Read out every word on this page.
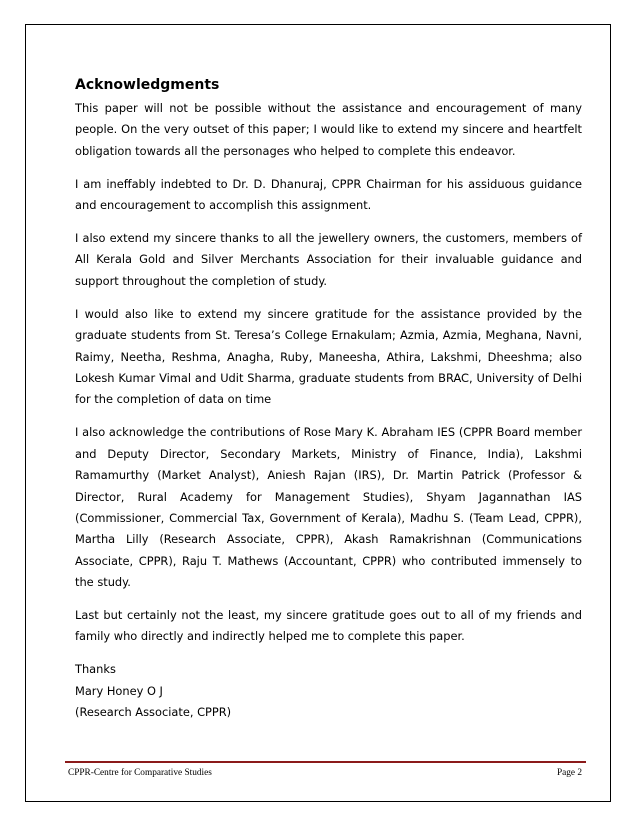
Acknowledgments

This paper will not be possible without the assistance and encouragement of many people. On the very outset of this paper; I would like to extend my sincere and heartfelt obligation towards all the personages who helped to complete this endeavor.

I am ineffably indebted to Dr. D. Dhanuraj, CPPR Chairman for his assiduous guidance and encouragement to accomplish this assignment.

I also extend my sincere thanks to all the jewellery owners, the customers, members of All Kerala Gold and Silver Merchants Association for their invaluable guidance and support throughout the completion of study.

I would also like to extend my sincere gratitude for the assistance provided by the graduate students from St. Teresa’s College Ernakulam; Azmia, Azmia, Meghana, Navni, Raimy, Neetha, Reshma, Anagha, Ruby, Maneesha, Athira, Lakshmi, Dheeshma; also Lokesh Kumar Vimal and Udit Sharma, graduate students from BRAC, University of Delhi for the completion of data on time

I also acknowledge the contributions of Rose Mary K. Abraham IES (CPPR Board member and Deputy Director, Secondary Markets, Ministry of Finance, India), Lakshmi Ramamurthy (Market Analyst), Aniesh Rajan (IRS), Dr. Martin Patrick (Professor & Director, Rural Academy for Management Studies), Shyam Jagannathan IAS (Commissioner, Commercial Tax, Government of Kerala), Madhu S. (Team Lead, CPPR), Martha Lilly (Research Associate, CPPR), Akash Ramakrishnan (Communications Associate, CPPR), Raju T. Mathews (Accountant, CPPR) who contributed immensely to the study.

Last but certainly not the least, my sincere gratitude goes out to all of my friends and family who directly and indirectly helped me to complete this paper.

Thanks
Mary Honey O J
(Research Associate, CPPR)
CPPR-Centre for Comparative Studies	Page 2
